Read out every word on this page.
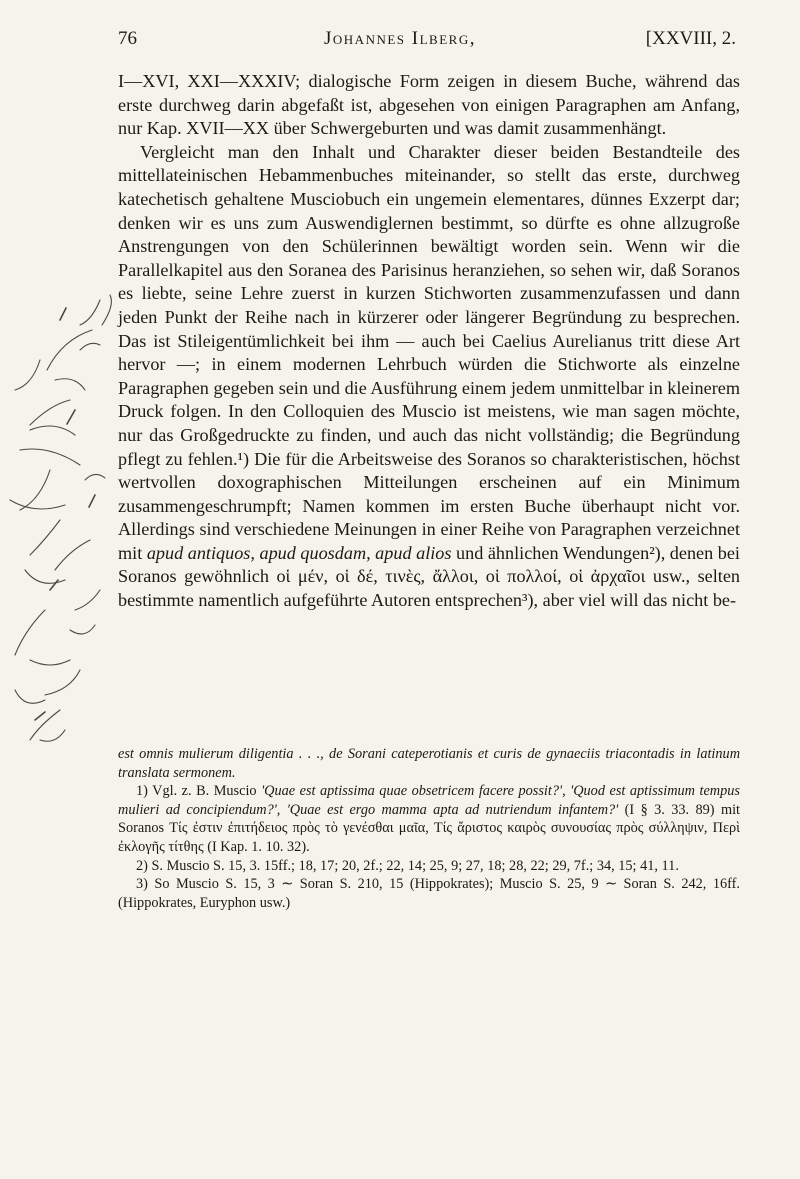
76	Johannes Ilberg,	[XXVIII, 2.

I—XVI, XXI—XXXIV; dialogische Form zeigen in diesem Buche, während das erste durchweg darin abgefaßt ist, abgesehen von einigen Paragraphen am Anfang, nur Kap. XVII—XX über Schwergeburten und was damit zusammenhängt.

Vergleicht man den Inhalt und Charakter dieser beiden Bestandteile des mittellateinischen Hebammenbuches miteinander, so stellt das erste, durchweg katechetisch gehaltene Musciobuch ein ungemein elementares, dünnes Exzerpt dar; denken wir es uns zum Auswendiglernen bestimmt, so dürfte es ohne allzugroße Anstrengungen von den Schülerinnen bewältigt worden sein. Wenn wir die Parallelkapitel aus den Soranea des Parisinus heranziehen, so sehen wir, daß Soranos es liebte, seine Lehre zuerst in kurzen Stichworten zusammenzufassen und dann jeden Punkt der Reihe nach in kürzerer oder längerer Begründung zu besprechen. Das ist Stileigentümlichkeit bei ihm — auch bei Caelius Aurelianus tritt diese Art hervor —; in einem modernen Lehrbuch würden die Stichworte als einzelne Paragraphen gegeben sein und die Ausführung einem jedem unmittelbar in kleinerem Druck folgen. In den Colloquien des Muscio ist meistens, wie man sagen möchte, nur das Großgedruckte zu finden, und auch das nicht vollständig; die Begründung pflegt zu fehlen.¹) Die für die Arbeitsweise des Soranos so charakteristischen, höchst wertvollen doxographischen Mitteilungen erscheinen auf ein Minimum zusammengeschrumpft; Namen kommen im ersten Buche überhaupt nicht vor. Allerdings sind verschiedene Meinungen in einer Reihe von Paragraphen verzeichnet mit apud antiquos, apud quosdam, apud alios und ähnlichen Wendungen²), denen bei Soranos gewöhnlich οἱ μέν, οἱ δέ, τινὲς, ἄλλοι, οἱ πολλοί, οἱ ἀρχαῖοι usw., selten bestimmte namentlich aufgeführte Autoren entsprechen³), aber viel will das nicht be-

est omnis mulierum diligentia . . ., de Sorani cateperotianis et curis de gynaeciis triacontadis in latinum translata sermonem.

1) Vgl. z. B. Muscio 'Quae est aptissima quae obsetricem facere possit?', 'Quod est aptissimum tempus mulieri ad concipiendum?', 'Quae est ergo mamma apta ad nutriendum infantem?' (I § 3. 33. 89) mit Soranos Τίς ἐστιν ἐπιτήδειος πρὸς τὸ γενέσθαι μαῖα, Τίς ἄριστος καιρὸς συνουσίας πρὸς σύλληψιν, Περὶ ἐκλογῆς τίτθης (I Kap. 1. 10. 32).

2) S. Muscio S. 15, 3. 15ff.; 18, 17; 20, 2f.; 22, 14; 25, 9; 27, 18; 28, 22; 29, 7f.; 34, 15; 41, 11.

3) So Muscio S. 15, 3 ∼ Soran S. 210, 15 (Hippokrates); Muscio S. 25, 9 ∼ Soran S. 242, 16ff. (Hippokrates, Euryphon usw.)
